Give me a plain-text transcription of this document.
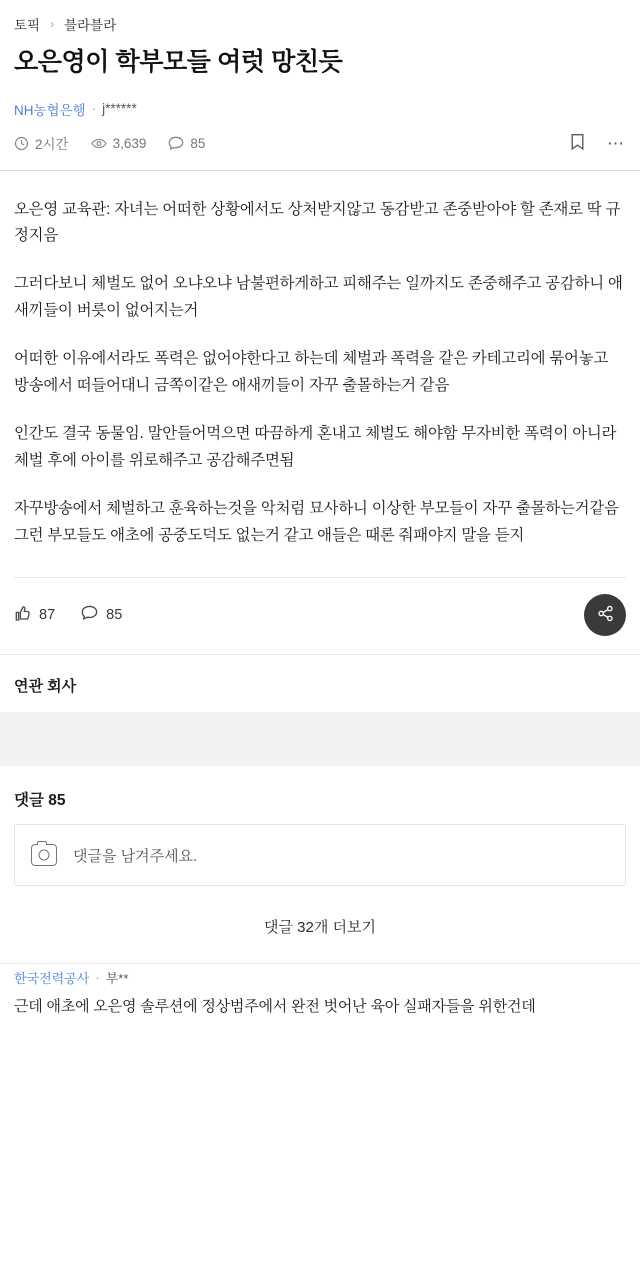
토픽 › 블라블라
오은영이 학부모들 여럿 망친듯
NH농협은행 · j******
2시간	3,639	85	⋯

오은영 교육관: 자녀는 어떠한 상황에서도 상처받지않고 동감받고 존중받아야 할 존재로 딱 규정지음

그러다보니 체벌도 없어 오냐오냐 남불편하게하고 피해주는 일까지도 존중해주고 공감하니 애새끼들이 버릇이 없어지는거

어떠한 이유에서라도 폭력은 없어야한다고 하는데 체벌과 폭력을 같은 카테고리에 묶어놓고 방송에서 떠들어대니 금쪽이같은 애새끼들이 자꾸 출몰하는거 같음

인간도 결국 동물임. 말안들어먹으면 따끔하게 혼내고 체벌도 해야함 무자비한 폭력이 아니라 체벌 후에 아이를 위로해주고 공감해주면됨

자꾸방송에서 체벌하고 훈육하는것을 악처럼 묘사하니 이상한 부모들이 자꾸 출몰하는거같음 그런 부모들도 애초에 공중도덕도 없는거 같고 애들은 때론 줘패야지 말을 듣지

87	85
연관 회사
댓글 85
댓글을 남겨주세요.
댓글 32개 더보기
한국전력공사 · 부**
근데 애초에 오은영 솔루션에 정상범주에서 완전 벗어난 육아 실패자들을 위한건데
